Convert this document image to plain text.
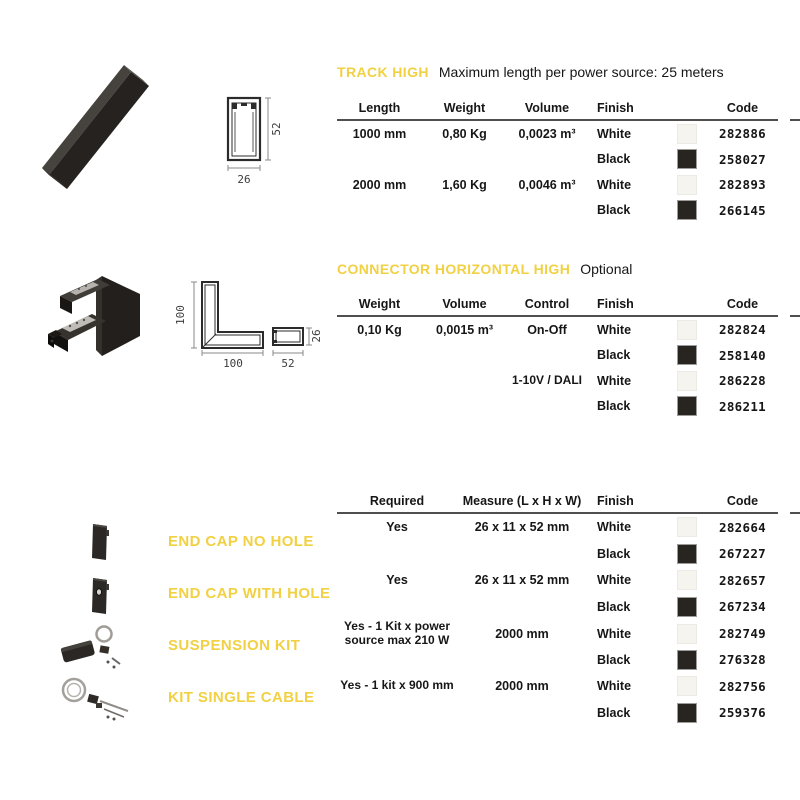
52
26
TRACK HIGH Maximum length per power source: 25 meters
Length	Weight	Volume	Finish	Code
1000 mm	0,80 Kg	0,0023 m³	White	282886
Black	258027
2000 mm	1,60 Kg	0,0046 m³	White	282893
Black	266145
100
100	52
26
CONNECTOR HORIZONTAL HIGH Optional
Weight	Volume	Control	Finish	Code
0,10 Kg	0,0015 m³	On-Off	White	282824
Black	258140
1-10V / DALI	White	286228
Black	286211
END CAP NO HOLE
END CAP WITH HOLE
SUSPENSION KIT
KIT SINGLE CABLE
Required	Measure (L x H x W)	Finish	Code
Yes	26 x 11 x 52 mm	White	282664
Black	267227
Yes	26 x 11 x 52 mm	White	282657
Black	267234
Yes - 1 Kit x power source max 210 W	2000 mm	White	282749
Black	276328
Yes - 1 kit x 900 mm	2000 mm	White	282756
Black	259376
